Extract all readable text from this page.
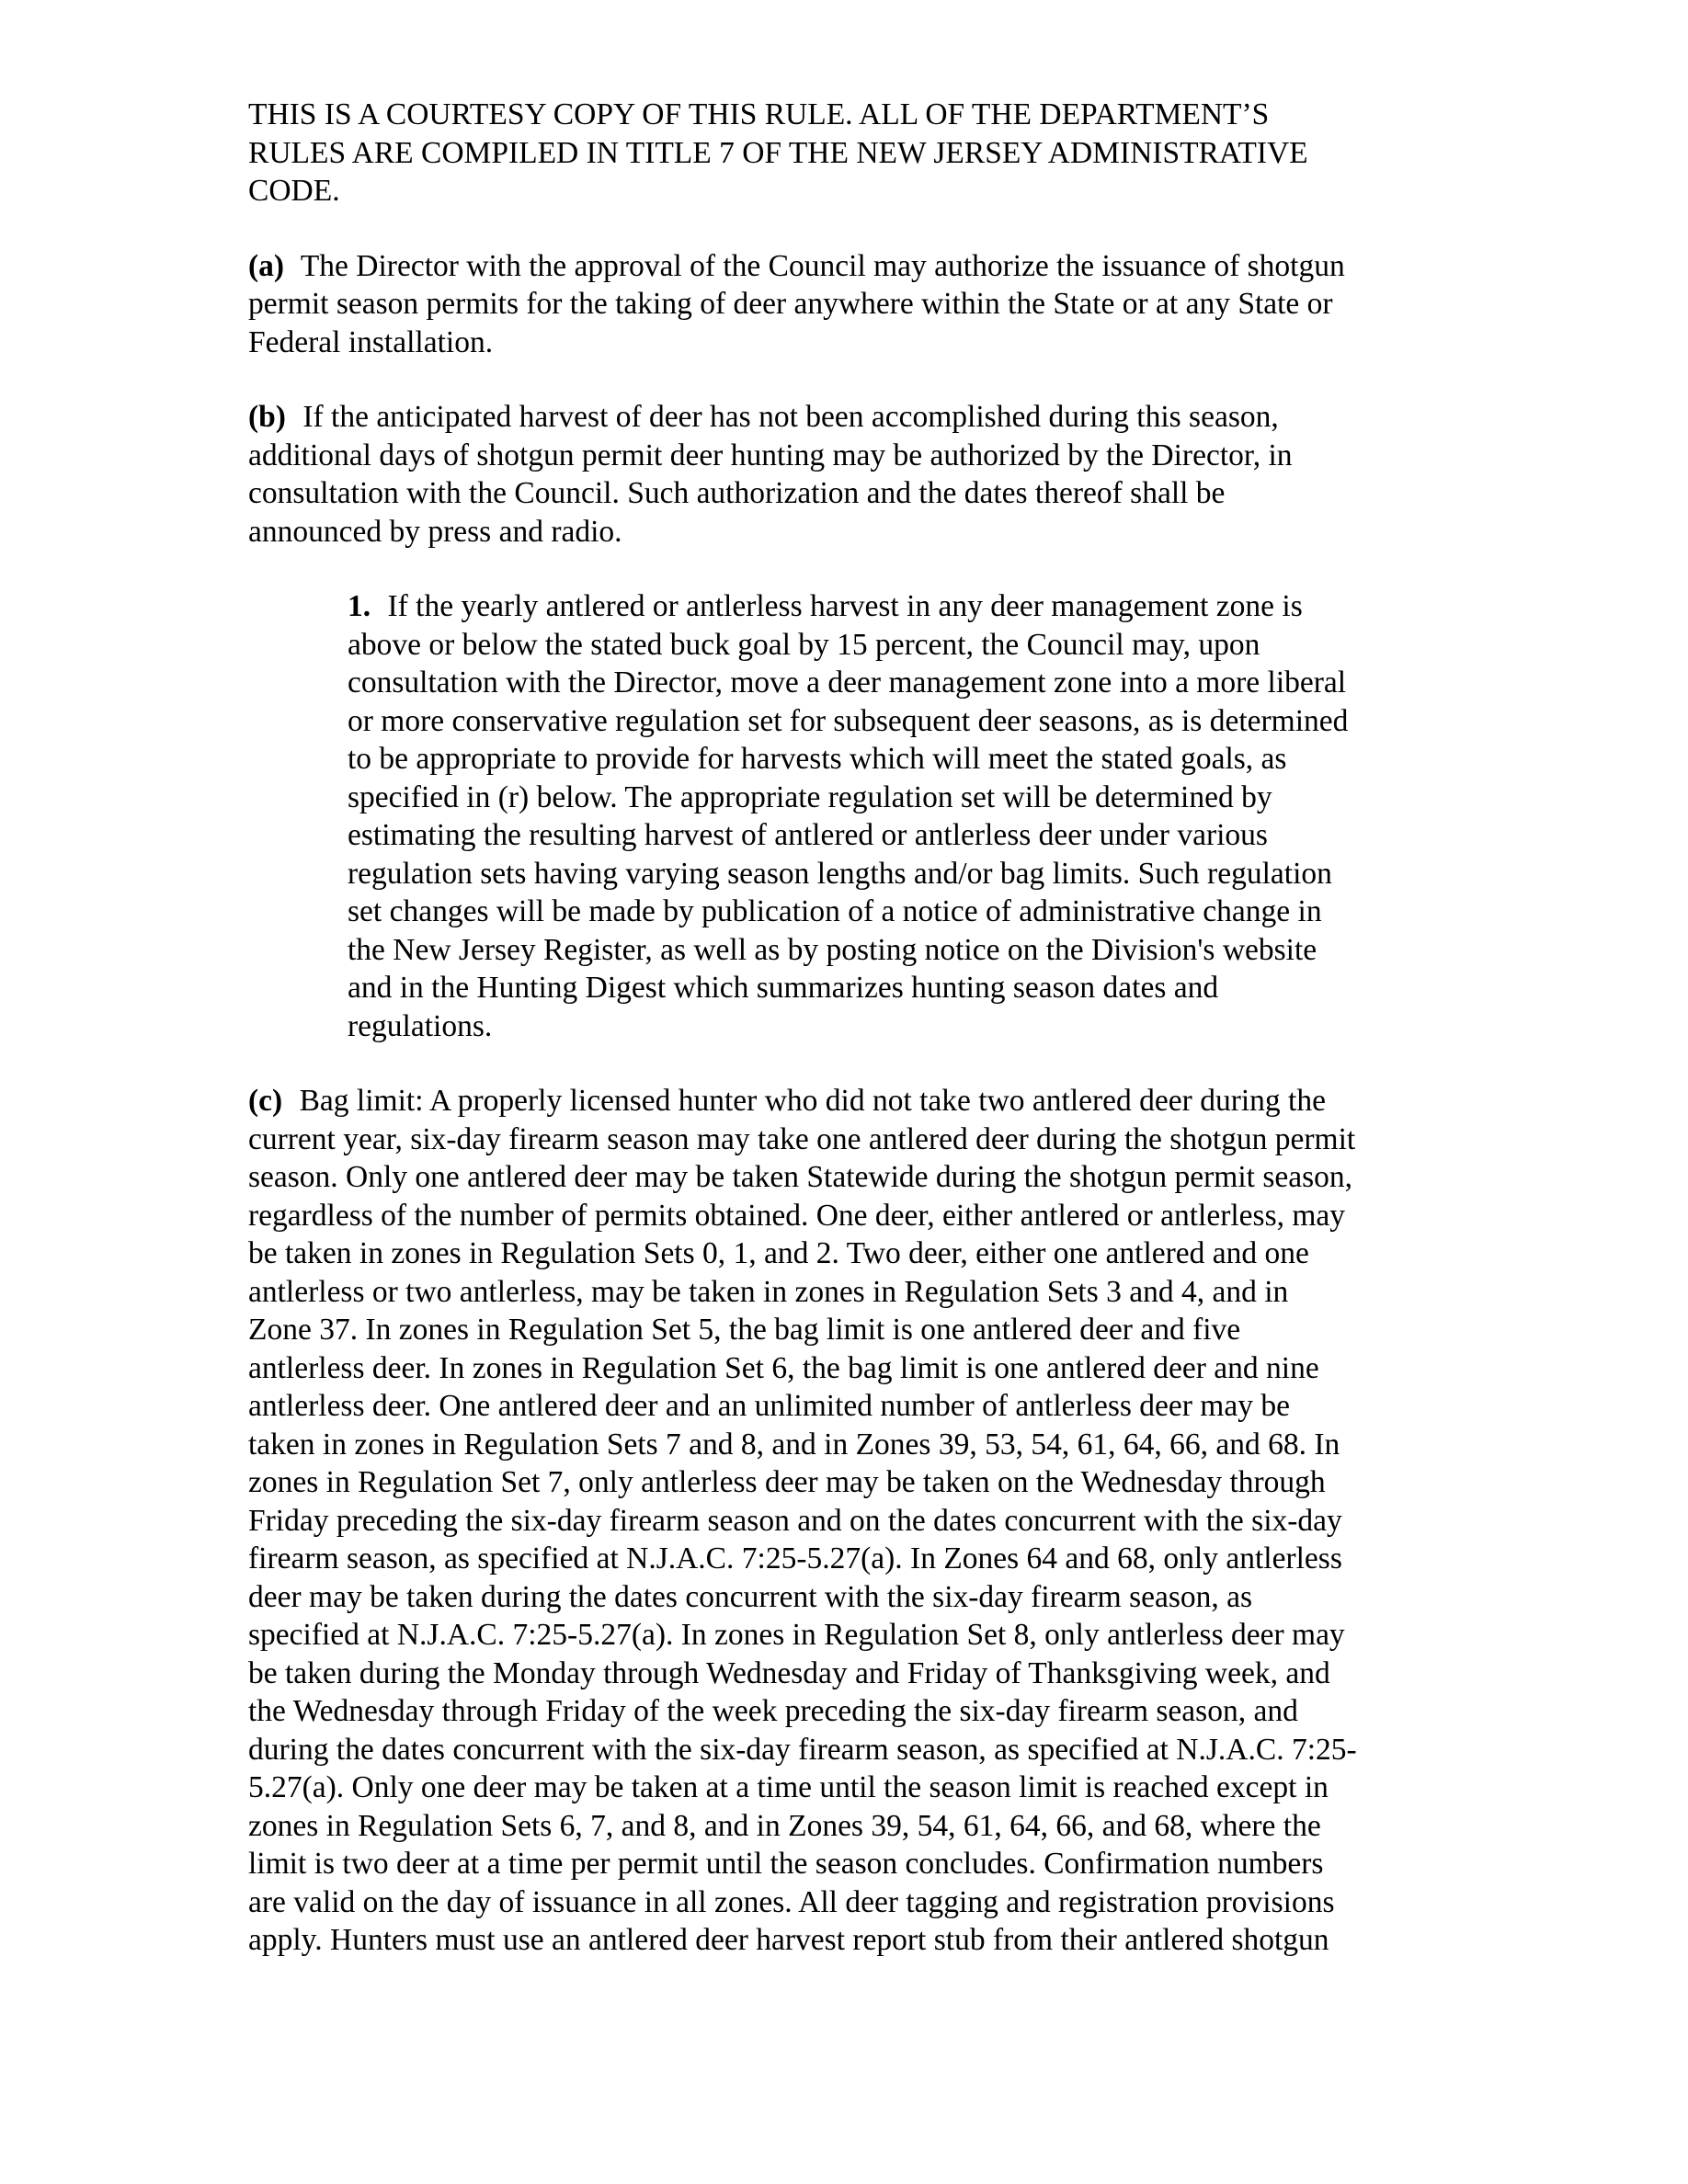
THIS IS A COURTESY COPY OF THIS RULE. ALL OF THE DEPARTMENT’S
RULES ARE COMPILED IN TITLE 7 OF THE NEW JERSEY ADMINISTRATIVE
CODE.
(a) The Director with the approval of the Council may authorize the issuance of shotgun
permit season permits for the taking of deer anywhere within the State or at any State or
Federal installation.
(b) If the anticipated harvest of deer has not been accomplished during this season,
additional days of shotgun permit deer hunting may be authorized by the Director, in
consultation with the Council. Such authorization and the dates thereof shall be
announced by press and radio.
1. If the yearly antlered or antlerless harvest in any deer management zone is
above or below the stated buck goal by 15 percent, the Council may, upon
consultation with the Director, move a deer management zone into a more liberal
or more conservative regulation set for subsequent deer seasons, as is determined
to be appropriate to provide for harvests which will meet the stated goals, as
specified in (r) below. The appropriate regulation set will be determined by
estimating the resulting harvest of antlered or antlerless deer under various
regulation sets having varying season lengths and/or bag limits. Such regulation
set changes will be made by publication of a notice of administrative change in
the New Jersey Register, as well as by posting notice on the Division's website
and in the Hunting Digest which summarizes hunting season dates and
regulations.
(c) Bag limit: A properly licensed hunter who did not take two antlered deer during the
current year, six-day firearm season may take one antlered deer during the shotgun permit
season. Only one antlered deer may be taken Statewide during the shotgun permit season,
regardless of the number of permits obtained. One deer, either antlered or antlerless, may
be taken in zones in Regulation Sets 0, 1, and 2. Two deer, either one antlered and one
antlerless or two antlerless, may be taken in zones in Regulation Sets 3 and 4, and in
Zone 37. In zones in Regulation Set 5, the bag limit is one antlered deer and five
antlerless deer. In zones in Regulation Set 6, the bag limit is one antlered deer and nine
antlerless deer. One antlered deer and an unlimited number of antlerless deer may be
taken in zones in Regulation Sets 7 and 8, and in Zones 39, 53, 54, 61, 64, 66, and 68. In
zones in Regulation Set 7, only antlerless deer may be taken on the Wednesday through
Friday preceding the six-day firearm season and on the dates concurrent with the six-day
firearm season, as specified at N.J.A.C. 7:25-5.27(a). In Zones 64 and 68, only antlerless
deer may be taken during the dates concurrent with the six-day firearm season, as
specified at N.J.A.C. 7:25-5.27(a). In zones in Regulation Set 8, only antlerless deer may
be taken during the Monday through Wednesday and Friday of Thanksgiving week, and
the Wednesday through Friday of the week preceding the six-day firearm season, and
during the dates concurrent with the six-day firearm season, as specified at N.J.A.C. 7:25-
5.27(a). Only one deer may be taken at a time until the season limit is reached except in
zones in Regulation Sets 6, 7, and 8, and in Zones 39, 54, 61, 64, 66, and 68, where the
limit is two deer at a time per permit until the season concludes. Confirmation numbers
are valid on the day of issuance in all zones. All deer tagging and registration provisions
apply. Hunters must use an antlered deer harvest report stub from their antlered shotgun
